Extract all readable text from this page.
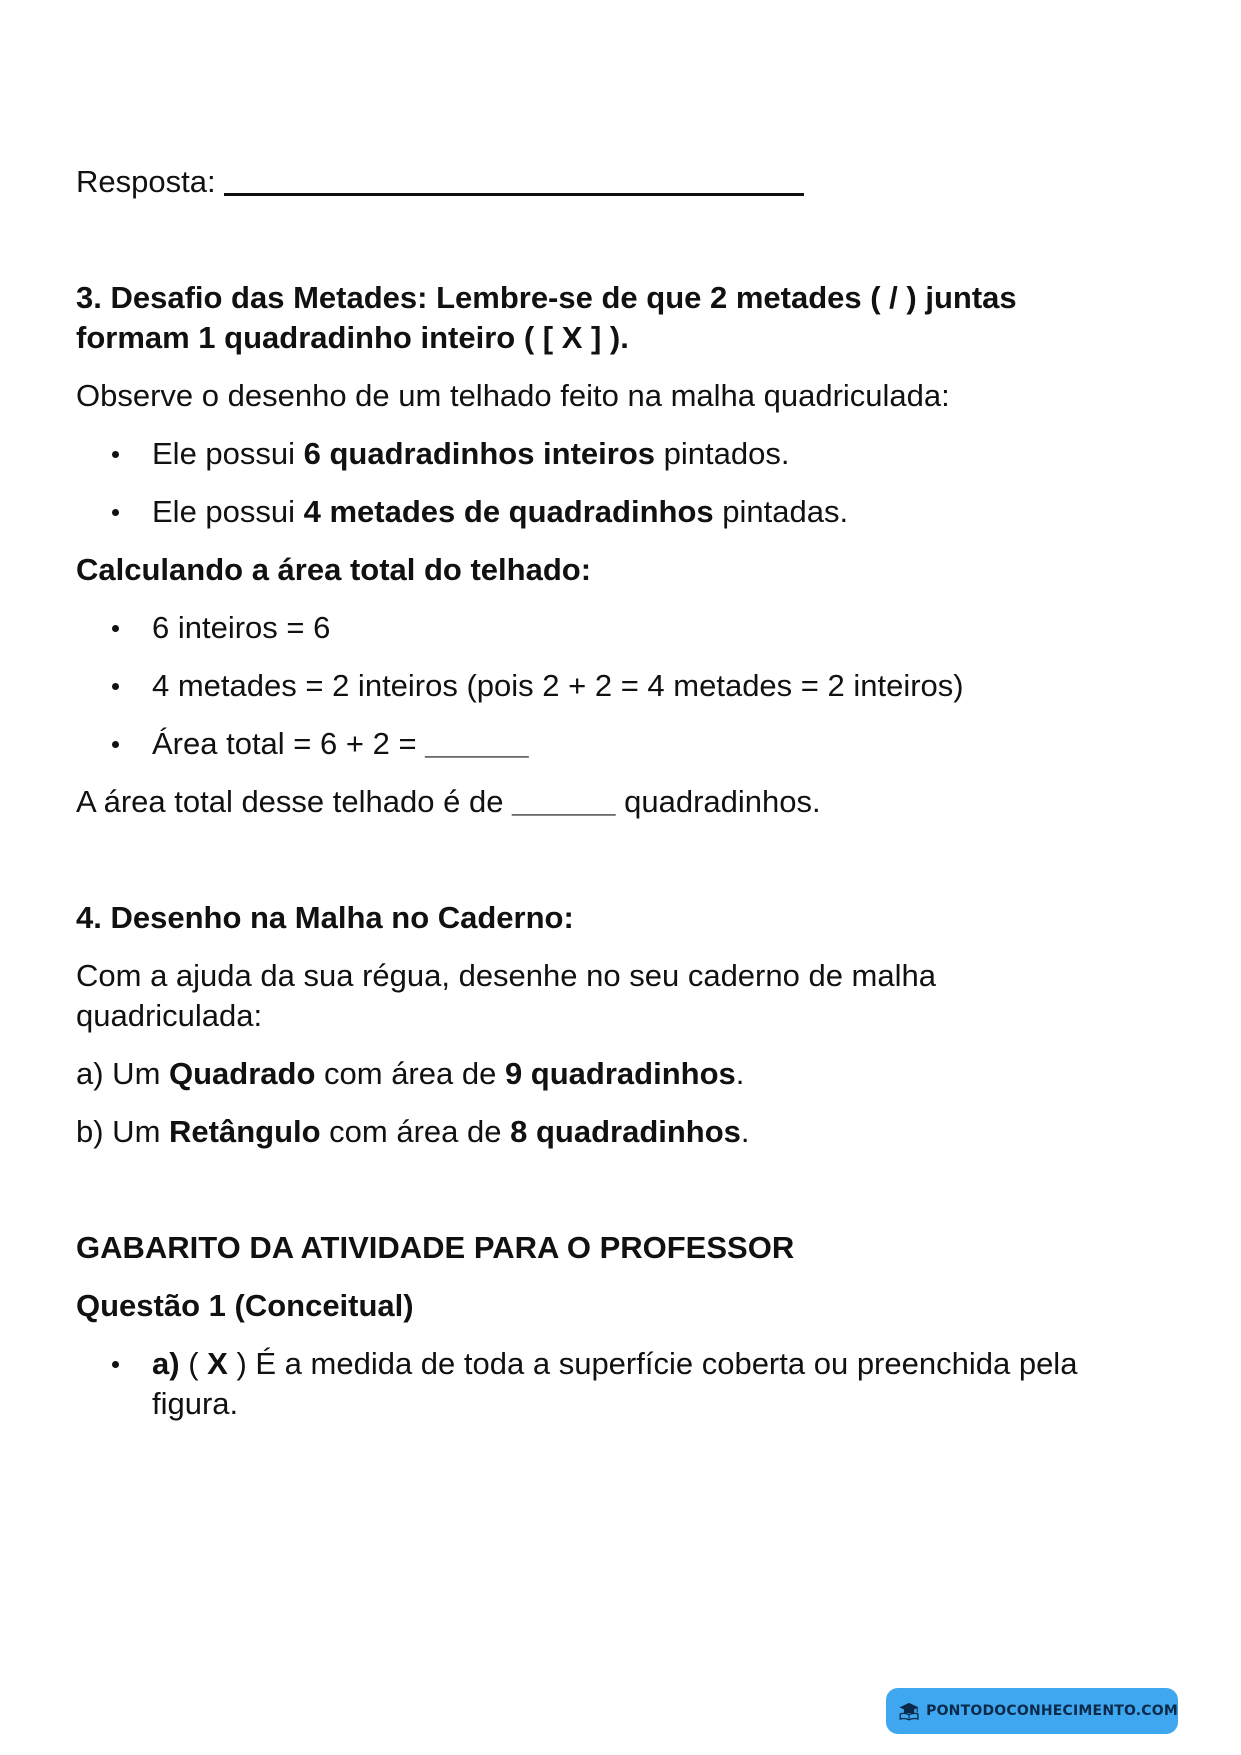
Resposta:
3. Desafio das Metades: Lembre-se de que 2 metades ( / ) juntas
formam 1 quadradinho inteiro ( [ X ] ).
Observe o desenho de um telhado feito na malha quadriculada:
Ele possui 6 quadradinhos inteiros pintados.
Ele possui 4 metades de quadradinhos pintadas.
Calculando a área total do telhado:
6 inteiros = 6
4 metades = 2 inteiros (pois 2 + 2 = 4 metades = 2 inteiros)
Área total = 6 + 2 = ______
A área total desse telhado é de ______ quadradinhos.
4. Desenho na Malha no Caderno:
Com a ajuda da sua régua, desenhe no seu caderno de malha
quadriculada:
a) Um Quadrado com área de 9 quadradinhos.
b) Um Retângulo com área de 8 quadradinhos.
GABARITO DA ATIVIDADE PARA O PROFESSOR
Questão 1 (Conceitual)
a) ( X ) É a medida de toda a superfície coberta ou preenchida pela
figura.
PONTODOCONHECIMENTO.COM
